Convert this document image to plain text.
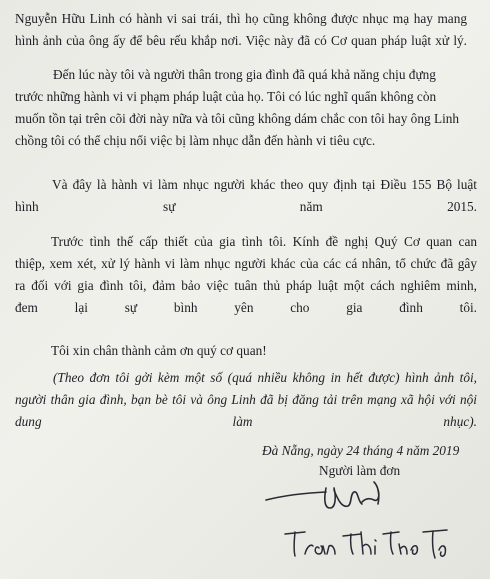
Nguyễn Hữu Linh có hành vi sai trái, thì họ cũng không được nhục mạ hay mang
hình ảnh của ông ấy để bêu rếu khắp nơi. Việc này đã có Cơ quan pháp luật xử lý.
Đến lúc này tôi và người thân trong gia đình đã quá khả năng chịu đựng
trước những hành vi vi phạm pháp luật của họ. Tôi có lúc nghĩ quẩn không còn
muốn tồn tại trên cõi đời này nữa và tôi cũng không dám chắc con tôi hay ông Linh
chồng tôi có thể chịu nổi việc bị làm nhục dẫn đến hành vi tiêu cực.
Và đây là hành vi làm nhục người khác theo quy định tại Điều 155 Bộ luật
hình sự năm 2015.
Trước tình thế cấp thiết của gia tình tôi. Kính đề nghị Quý Cơ quan can
thiệp, xem xét, xử lý hành vi làm nhục người khác của các cá nhân, tổ chức đã gây
ra đối với gia đình tôi, đảm bảo việc tuân thủ pháp luật một cách nghiêm minh,
đem lại sự bình yên cho gia đình tôi.
Tôi xin chân thành cảm ơn quý cơ quan!
(Theo đơn tôi gởi kèm một số (quá nhiều không in hết được) hình ảnh tôi,
người thân gia đình, bạn bè tôi và ông Linh đã bị đăng tải trên mạng xã hội với nội
dung làm nhục).
Đà Nẵng, ngày 24 tháng 4 năm 2019
Người làm đơn
